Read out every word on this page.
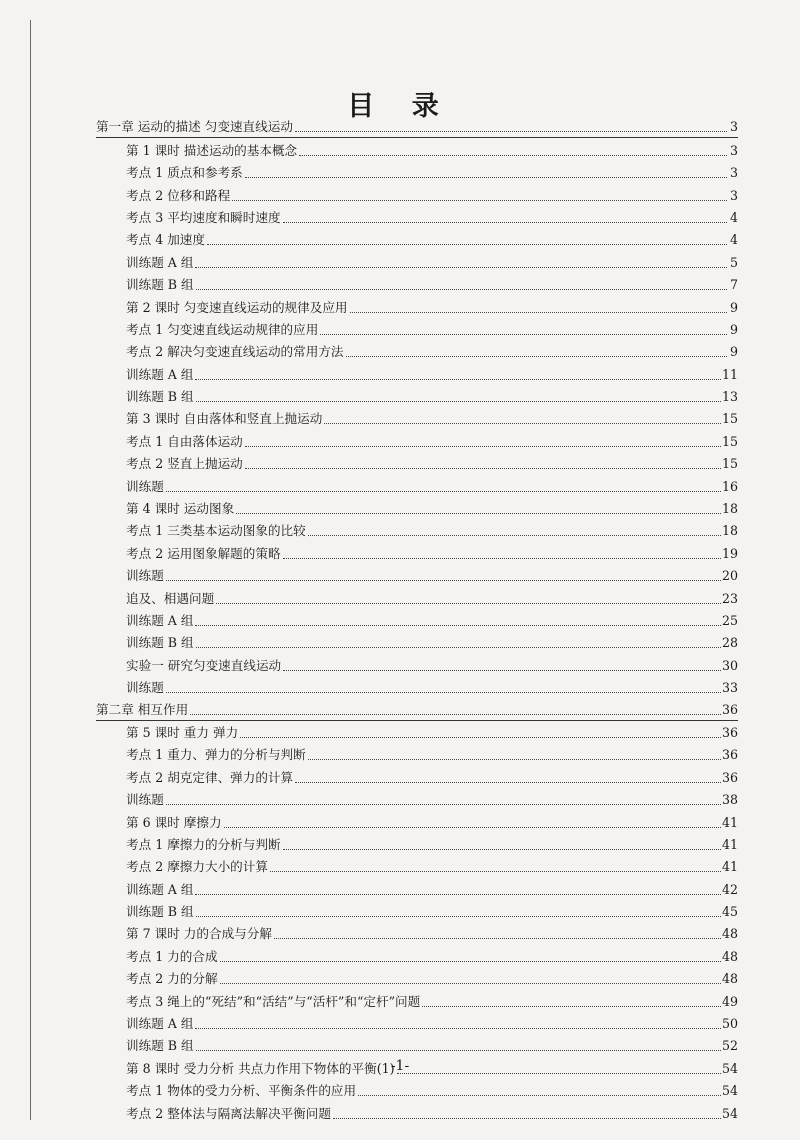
目 录
第一章 运动的描述 匀变速直线运动	3
第 1 课时 描述运动的基本概念	3
考点 1 质点和参考系	3
考点 2 位移和路程	3
考点 3 平均速度和瞬时速度	4
考点 4 加速度	4
训练题 A 组	5
训练题 B 组	7
第 2 课时 匀变速直线运动的规律及应用	9
考点 1 匀变速直线运动规律的应用	9
考点 2 解决匀变速直线运动的常用方法	9
训练题 A 组	11
训练题 B 组	13
第 3 课时 自由落体和竖直上抛运动	15
考点 1 自由落体运动	15
考点 2 竖直上抛运动	15
训练题	16
第 4 课时 运动图象	18
考点 1 三类基本运动图象的比较	18
考点 2 运用图象解题的策略	19
训练题	20
追及、相遇问题	23
训练题 A 组	25
训练题 B 组	28
实验一 研究匀变速直线运动	30
训练题	33
第二章 相互作用	36
第 5 课时 重力 弹力	36
考点 1 重力、弹力的分析与判断	36
考点 2 胡克定律、弹力的计算	36
训练题	38
第 6 课时 摩擦力	41
考点 1 摩擦力的分析与判断	41
考点 2 摩擦力大小的计算	41
训练题 A 组	42
训练题 B 组	45
第 7 课时 力的合成与分解	48
考点 1 力的合成	48
考点 2 力的分解	48
考点 3 绳上的“死结”和“活结”与“活杆”和“定杆”问题	49
训练题 A 组	50
训练题 B 组	52
第 8 课时 受力分析 共点力作用下物体的平衡(1)	54
考点 1 物体的受力分析、平衡条件的应用	54
考点 2 整体法与隔离法解决平衡问题	54
-1-
